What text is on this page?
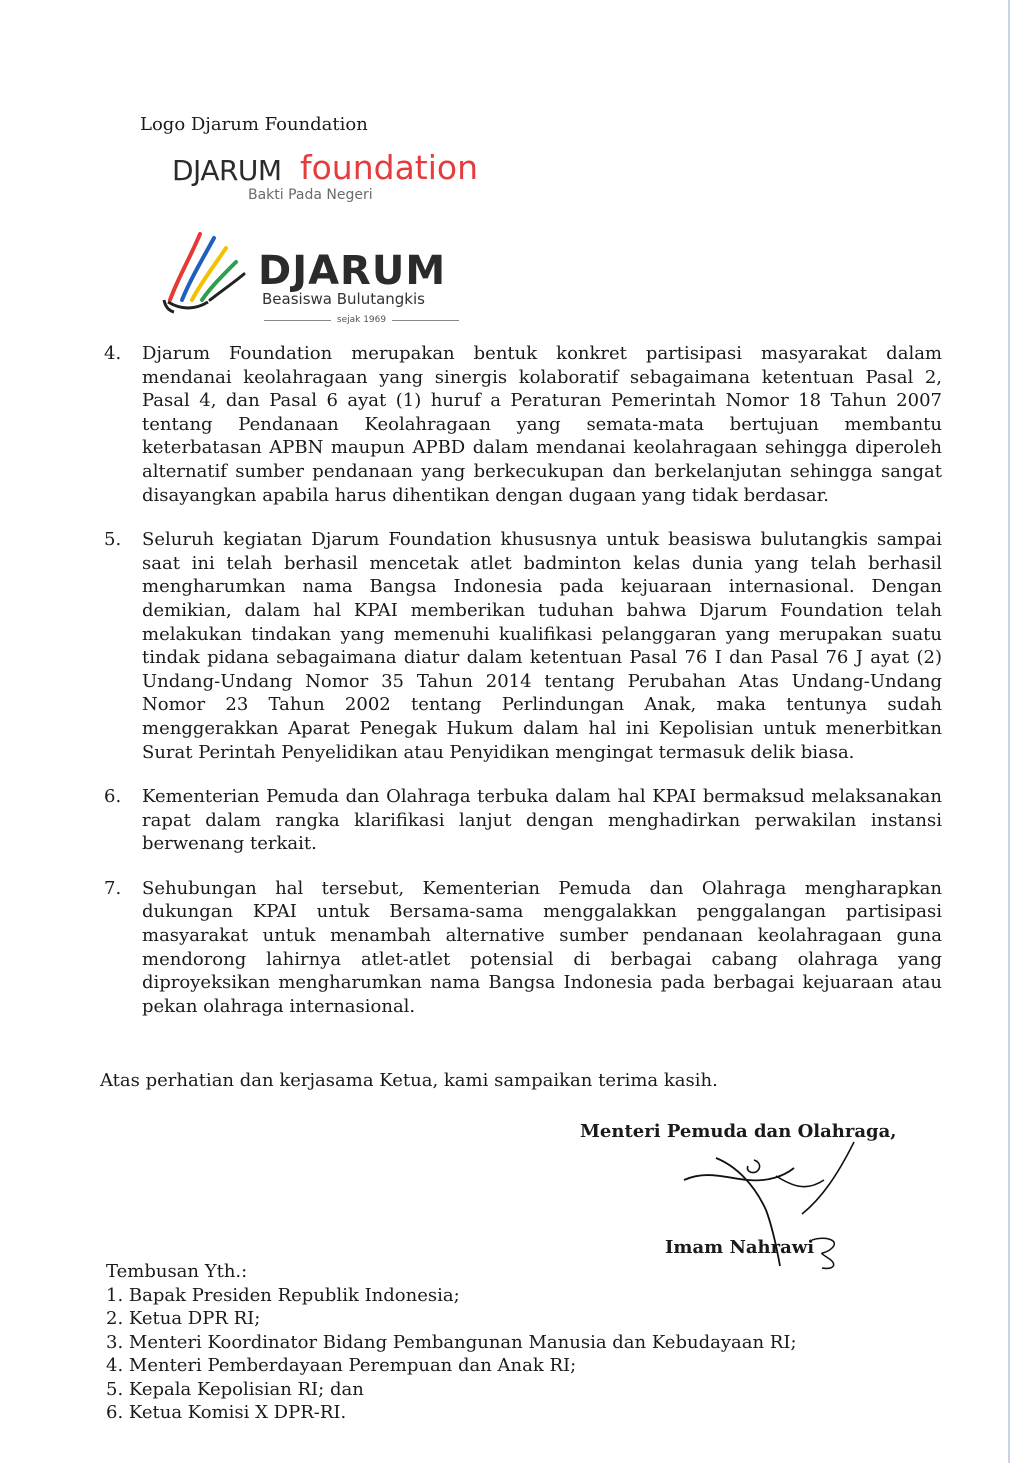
Logo Djarum Foundation
DJARUM foundation
Bakti Pada Negeri
DJARUM
Beasiswa Bulutangkis
sejak 1969
4. Djarum Foundation merupakan bentuk konkret partisipasi masyarakat dalam mendanai keolahragaan yang sinergis kolaboratif sebagaimana ketentuan Pasal 2, Pasal 4, dan Pasal 6 ayat (1) huruf a Peraturan Pemerintah Nomor 18 Tahun 2007 tentang Pendanaan Keolahragaan yang semata-mata bertujuan membantu keterbatasan APBN maupun APBD dalam mendanai keolahragaan sehingga diperoleh alternatif sumber pendanaan yang berkecukupan dan berkelanjutan sehingga sangat disayangkan apabila harus dihentikan dengan dugaan yang tidak berdasar.
5. Seluruh kegiatan Djarum Foundation khususnya untuk beasiswa bulutangkis sampai saat ini telah berhasil mencetak atlet badminton kelas dunia yang telah berhasil mengharumkan nama Bangsa Indonesia pada kejuaraan internasional. Dengan demikian, dalam hal KPAI memberikan tuduhan bahwa Djarum Foundation telah melakukan tindakan yang memenuhi kualifikasi pelanggaran yang merupakan suatu tindak pidana sebagaimana diatur dalam ketentuan Pasal 76 I dan Pasal 76 J ayat (2) Undang-Undang Nomor 35 Tahun 2014 tentang Perubahan Atas Undang-Undang Nomor 23 Tahun 2002 tentang Perlindungan Anak, maka tentunya sudah menggerakkan Aparat Penegak Hukum dalam hal ini Kepolisian untuk menerbitkan Surat Perintah Penyelidikan atau Penyidikan mengingat termasuk delik biasa.
6. Kementerian Pemuda dan Olahraga terbuka dalam hal KPAI bermaksud melaksanakan rapat dalam rangka klarifikasi lanjut dengan menghadirkan perwakilan instansi berwenang terkait.
7. Sehubungan hal tersebut, Kementerian Pemuda dan Olahraga mengharapkan dukungan KPAI untuk Bersama-sama menggalakkan penggalangan partisipasi masyarakat untuk menambah alternative sumber pendanaan keolahragaan guna mendorong lahirnya atlet-atlet potensial di berbagai cabang olahraga yang diproyeksikan mengharumkan nama Bangsa Indonesia pada berbagai kejuaraan atau pekan olahraga internasional.
Atas perhatian dan kerjasama Ketua, kami sampaikan terima kasih.
Menteri Pemuda dan Olahraga,
Imam Nahrawi
Tembusan Yth.:
1. Bapak Presiden Republik Indonesia;
2. Ketua DPR RI;
3. Menteri Koordinator Bidang Pembangunan Manusia dan Kebudayaan RI;
4. Menteri Pemberdayaan Perempuan dan Anak RI;
5. Kepala Kepolisian RI; dan
6. Ketua Komisi X DPR-RI.
